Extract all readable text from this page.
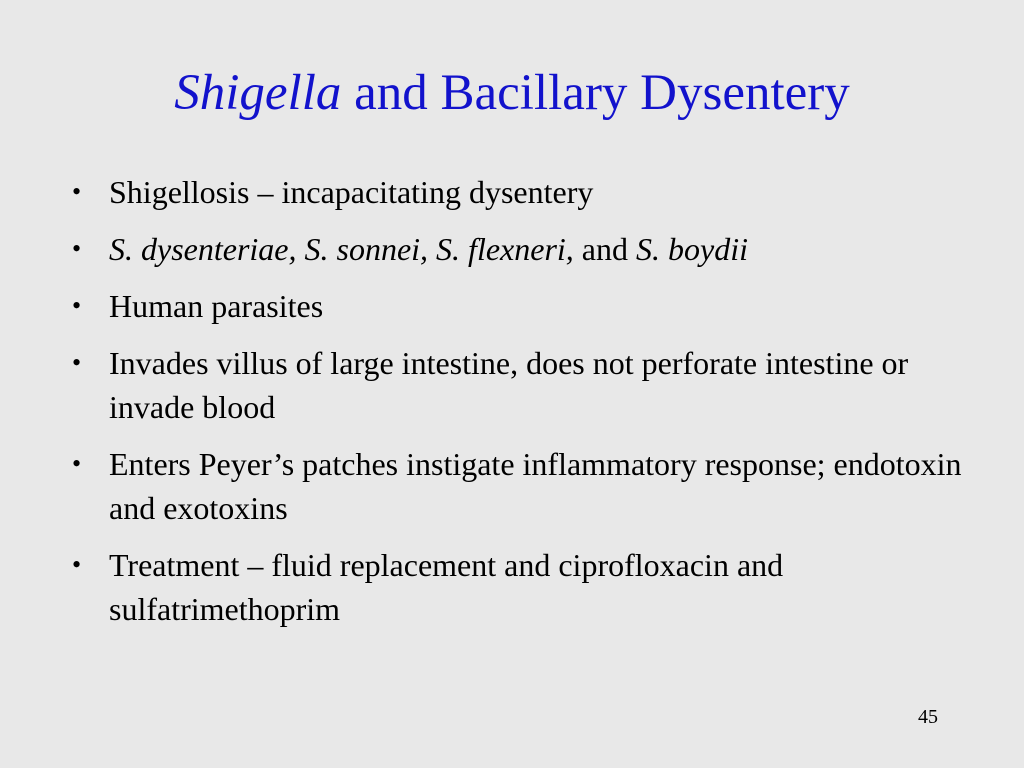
Shigella and Bacillary Dysentery
• Shigellosis – incapacitating dysentery
• S. dysenteriae, S. sonnei, S. flexneri, and S. boydii
• Human parasites
• Invades villus of large intestine, does not perforate intestine or invade blood
• Enters Peyer’s patches instigate inflammatory response; endotoxin and exotoxins
• Treatment – fluid replacement and ciprofloxacin and sulfatrimethoprim
45
